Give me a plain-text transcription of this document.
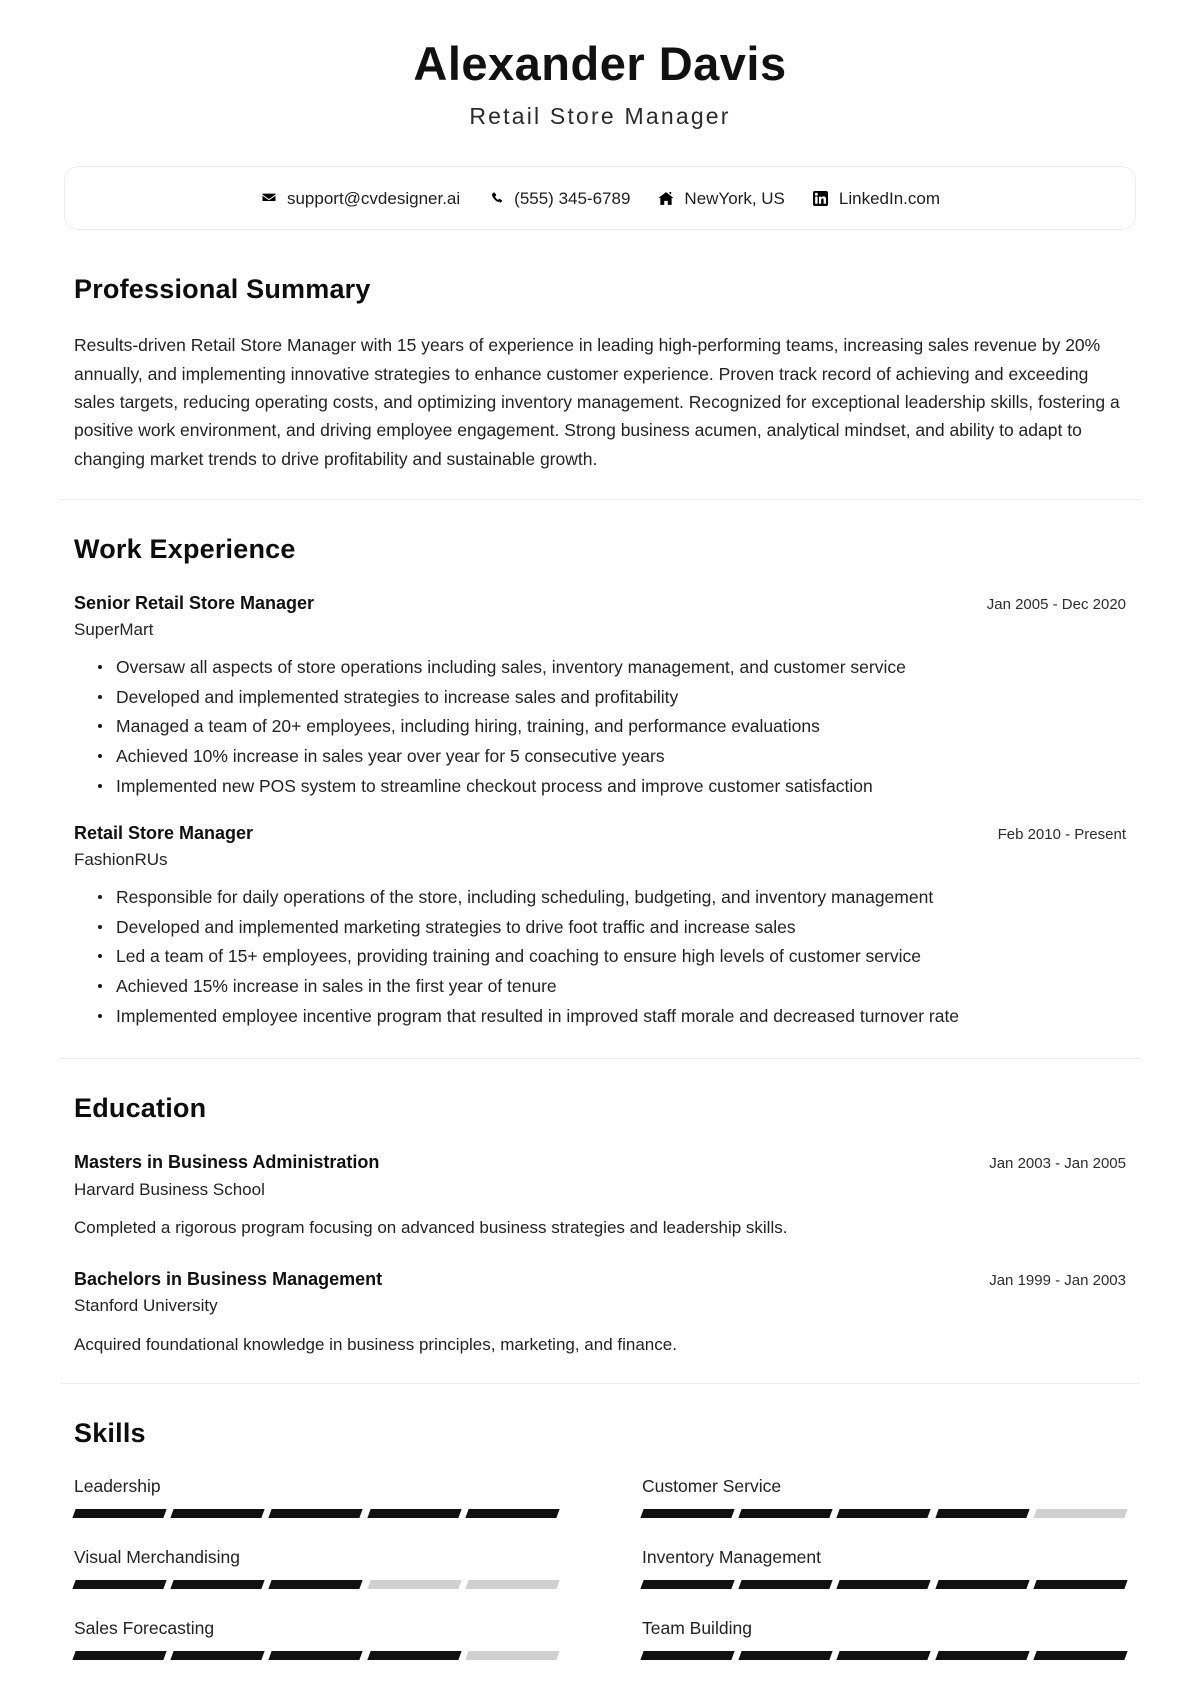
Alexander Davis
Retail Store Manager
support@cvdesigner.ai	(555) 345-6789	NewYork, US	LinkedIn.com
Professional Summary

Results-driven Retail Store Manager with 15 years of experience in leading high-performing teams, increasing sales revenue by 20% annually, and implementing innovative strategies to enhance customer experience. Proven track record of achieving and exceeding sales targets, reducing operating costs, and optimizing inventory management. Recognized for exceptional leadership skills, fostering a positive work environment, and driving employee engagement. Strong business acumen, analytical mindset, and ability to adapt to changing market trends to drive profitability and sustainable growth.

Work Experience
Senior Retail Store Manager	Jan 2005 - Dec 2020
SuperMart
Oversaw all aspects of store operations including sales, inventory management, and customer service
Developed and implemented strategies to increase sales and profitability
Managed a team of 20+ employees, including hiring, training, and performance evaluations
Achieved 10% increase in sales year over year for 5 consecutive years
Implemented new POS system to streamline checkout process and improve customer satisfaction
Retail Store Manager	Feb 2010 - Present
FashionRUs
Responsible for daily operations of the store, including scheduling, budgeting, and inventory management
Developed and implemented marketing strategies to drive foot traffic and increase sales
Led a team of 15+ employees, providing training and coaching to ensure high levels of customer service
Achieved 15% increase in sales in the first year of tenure
Implemented employee incentive program that resulted in improved staff morale and decreased turnover rate
Education
Masters in Business Administration	Jan 2003 - Jan 2005
Harvard Business School
Completed a rigorous program focusing on advanced business strategies and leadership skills.
Bachelors in Business Management	Jan 1999 - Jan 2003
Stanford University
Acquired foundational knowledge in business principles, marketing, and finance.
Skills
Leadership	Customer Service
Visual Merchandising	Inventory Management
Sales Forecasting	Team Building
